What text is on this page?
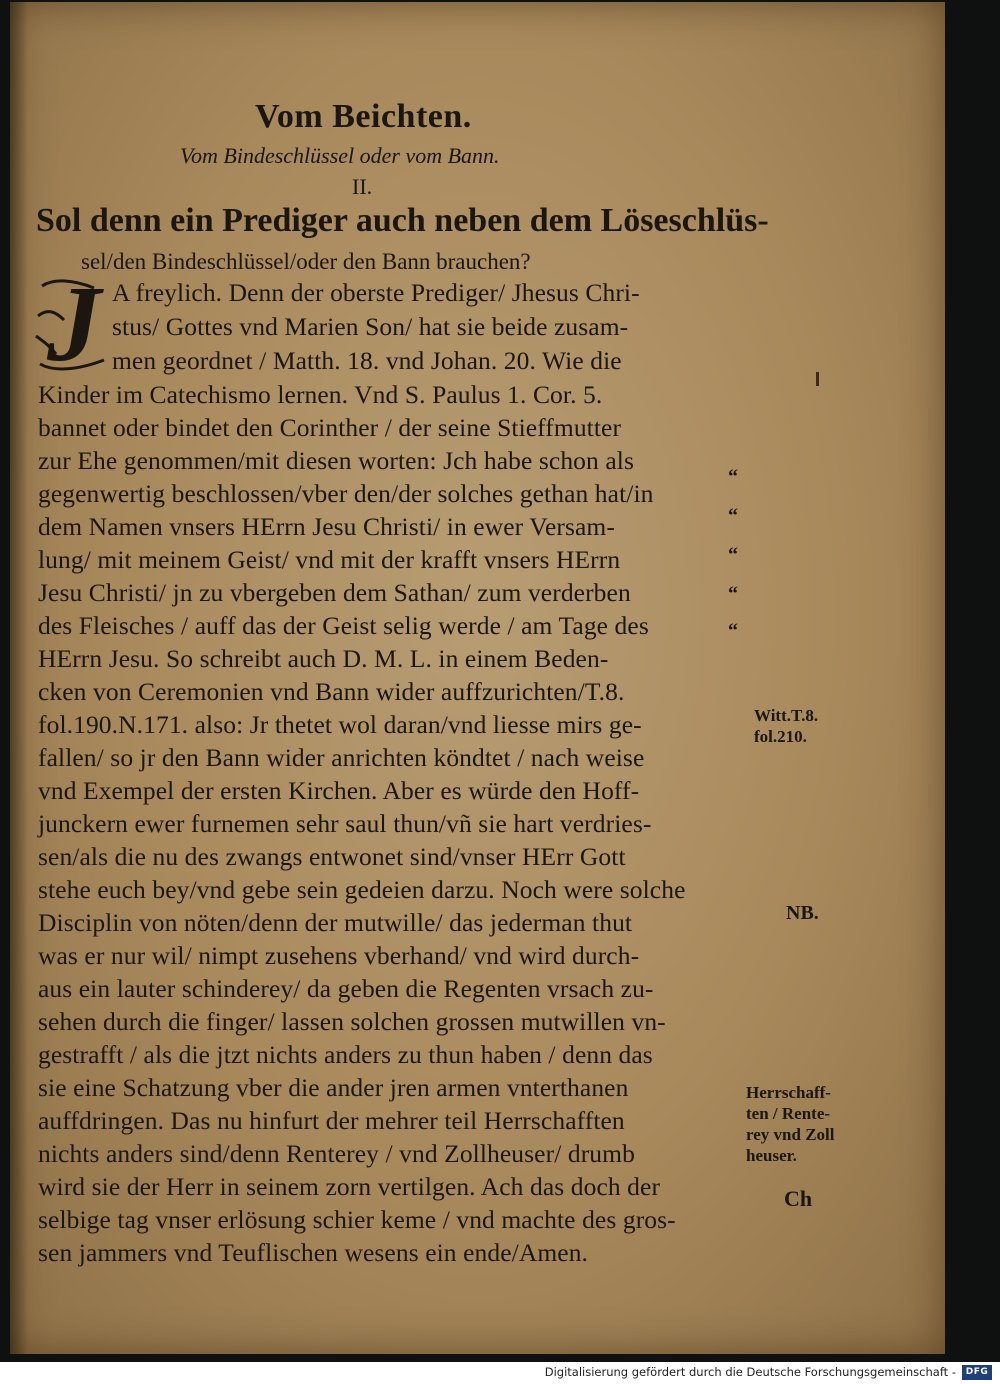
Vom Beichten.
Vom Bindeschlüssel oder vom Bann.
II.
Sol denn ein Prediger auch neben dem Löseschlüs-
sel/den Bindeschlüssel/oder den Bann brauchen?
J A freylich. Denn der oberste Prediger/ Jhesus Chri-
stus/ Gottes vnd Marien Son/ hat sie beide zusam-
men geordnet / Matth. 18. vnd Johan. 20. Wie die
Kinder im Catechismo lernen. Vnd S. Paulus 1. Cor. 5.
bannet oder bindet den Corinther / der seine Stieffmutter
zur Ehe genommen/mit diesen worten: Jch habe schon als
gegenwertig beschlossen/vber den/der solches gethan hat/in
dem Namen vnsers HErrn Jesu Christi/ in ewer Versam-
lung/ mit meinem Geist/ vnd mit der krafft vnsers HErrn
Jesu Christi/ jn zu vbergeben dem Sathan/ zum verderben
des Fleisches / auff das der Geist selig werde / am Tage des
HErrn Jesu. So schreibt auch D. M. L. in einem Beden-
cken von Ceremonien vnd Bann wider auffzurichten/T.8.
fol.190.N.171. also: Jr thetet wol daran/vnd liesse mirs ge-
fallen/ so jr den Bann wider anrichten köndtet / nach weise
vnd Exempel der ersten Kirchen. Aber es würde den Hoff-
junckern ewer furnemen sehr saul thun/vñ sie hart verdries-
sen/als die nu des zwangs entwonet sind/vnser HErr Gott
stehe euch bey/vnd gebe sein gedeien darzu. Noch were solche
Disciplin von nöten/denn der mutwille/ das jederman thut
was er nur wil/ nimpt zusehens vberhand/ vnd wird durch-
aus ein lauter schinderey/ da geben die Regenten vrsach zu-
sehen durch die finger/ lassen solchen grossen mutwillen vn-
gestrafft / als die jtzt nichts anders zu thun haben / denn das
sie eine Schatzung vber die ander jren armen vnterthanen
auffdringen. Das nu hinfurt der mehrer teil Herrschafften
nichts anders sind/denn Renterey / vnd Zollheuser/ drumb
wird sie der Herr in seinem zorn vertilgen. Ach das doch der
selbige tag vnser erlösung schier keme / vnd machte des gros-
sen jammers vnd Teuflischen wesens ein ende/Amen.
“
“
“
“
“
Witt.T.8.
fol.210.
NB.
Herrschaff-
ten / Rente-
rey vnd Zoll
heuser.
Ch
Digitalisierung gefördert durch die Deutsche Forschungsgemeinschaft -	DFG
